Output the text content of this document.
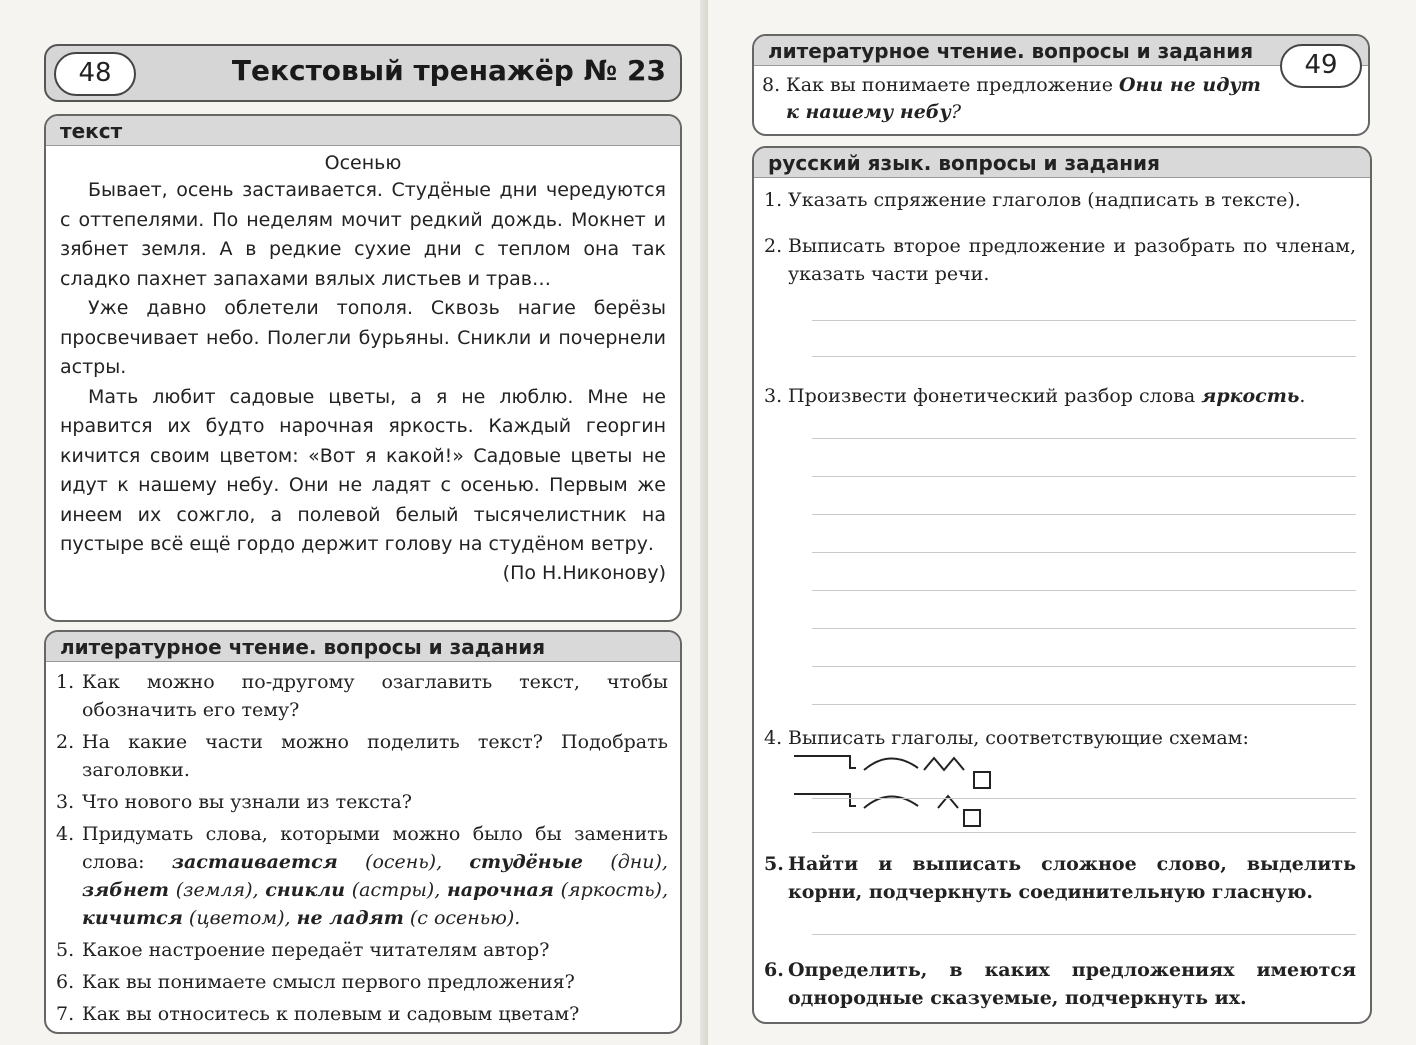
48	Текстовый тренажёр № 23
текст
Осенью

Бывает, осень застаивается. Студёные дни чередуются с оттепелями. По неделям мочит редкий дождь. Мокнет и зябнет земля. А в редкие сухие дни с теплом она так сладко пахнет запахами вялых листьев и трав…

Уже давно облетели тополя. Сквозь нагие берёзы просвечивает небо. Полегли бурьяны. Сникли и почернели астры.

Мать любит садовые цветы, а я не люблю. Мне не нравится их будто нарочная яркость. Каждый георгин кичится своим цветом: «Вот я какой!» Садовые цветы не идут к нашему небу. Они не ладят с осенью. Первым же инеем их сожгло, а полевой белый тысячелистник на пустыре всё ещё гордо держит голову на студёном ветру.

(По Н.Никонову)
литературное чтение. вопросы и задания
1. Как можно по-другому озаглавить текст, чтобы обозначить его тему?
2. На какие части можно поделить текст? Подобрать заголовки.
3. Что нового вы узнали из текста?
4. Придумать слова, которыми можно было бы заменить слова: застаивается (осень), студёные (дни), зябнет (земля), сникли (астры), нарочная (яркость), кичится (цветом), не ладят (с осенью).
5. Какое настроение передаёт читателям автор?
6. Как вы понимаете смысл первого предложения?
7. Как вы относитесь к полевым и садовым цветам?
литературное чтение. вопросы и задания	49
8. Как вы понимаете предложение Они не идут к нашему небу?
русский язык. вопросы и задания
1. Указать спряжение глаголов (надписать в тексте).
2. Выписать второе предложение и разобрать по членам, указать части речи.
3. Произвести фонетический разбор слова яркость.
4. Выписать глаголы, соответствующие схемам:
5. Найти и выписать сложное слово, выделить корни, подчеркнуть соединительную гласную.
6. Определить, в каких предложениях имеются однородные сказуемые, подчеркнуть их.
